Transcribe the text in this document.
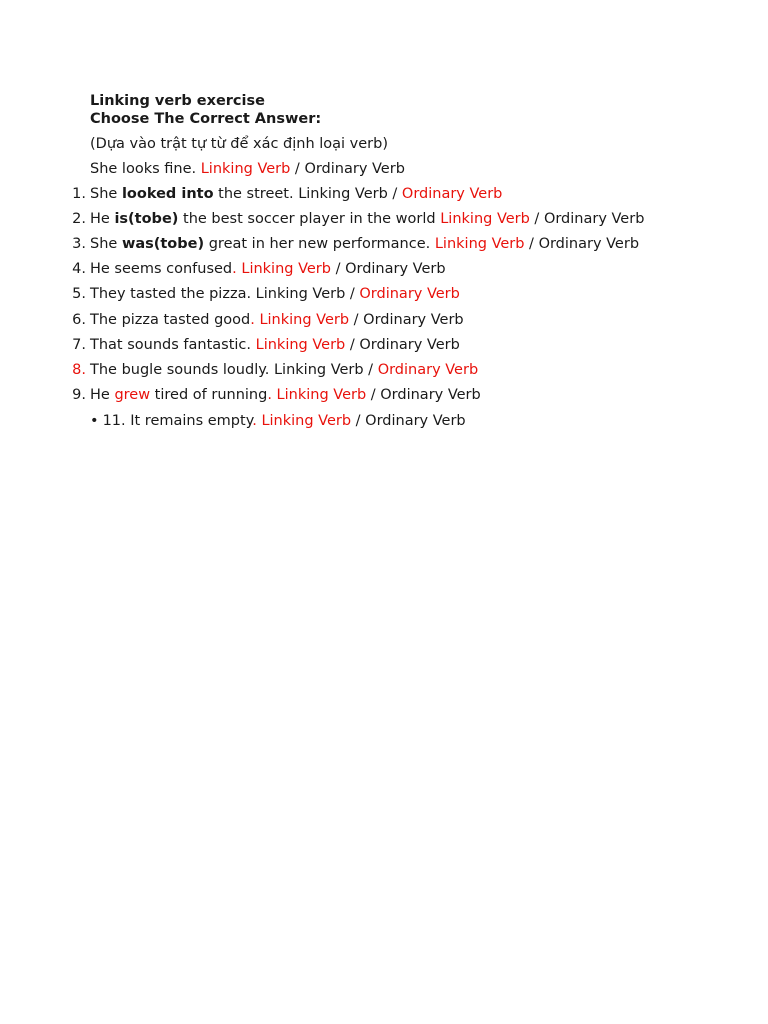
Linking verb exercise
Choose The Correct Answer:
(Dựa vào trật tự từ để xác định loại verb)
She looks fine. Linking Verb / Ordinary Verb
1. She looked into the street. Linking Verb / Ordinary Verb
2. He is(tobe) the best soccer player in the world Linking Verb / Ordinary Verb
3. She was(tobe) great in her new performance. Linking Verb / Ordinary Verb
4. He seems confused. Linking Verb / Ordinary Verb
5. They tasted the pizza. Linking Verb / Ordinary Verb
6. The pizza tasted good. Linking Verb / Ordinary Verb
7. That sounds fantastic. Linking Verb / Ordinary Verb
8. The bugle sounds loudly. Linking Verb / Ordinary Verb
9. He grew tired of running. Linking Verb / Ordinary Verb
• 11. It remains empty. Linking Verb / Ordinary Verb
